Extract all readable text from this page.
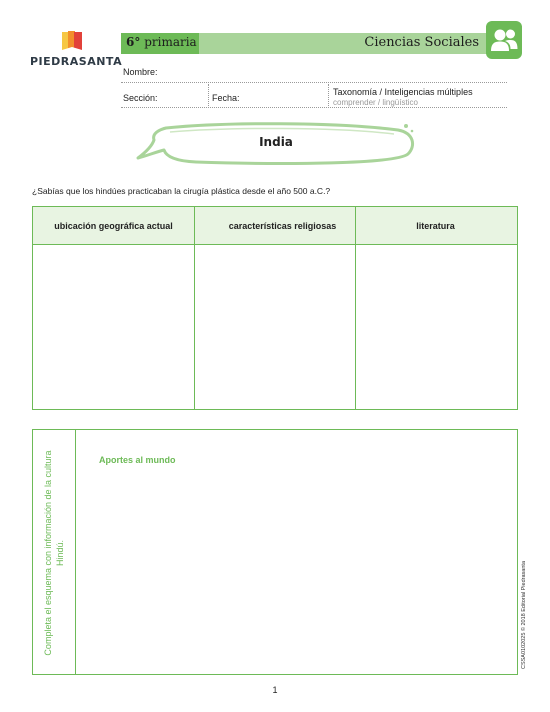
PIEDRASANTA
6° primaria	Ciencias Sociales
Nombre:
Sección:	Fecha:
Taxonomía / Inteligencias múltiples
comprender / lingüístico
India
¿Sabías que los hindúes practicaban la cirugía plástica desde el año 500 a.C.?
ubicación geográfica actual	características religiosas	literatura
Completa el esquema con información de la cultura Hindú.
Aportes al mundo
CSSA0102025 © 2018 Editorial Piedrasanta
1
